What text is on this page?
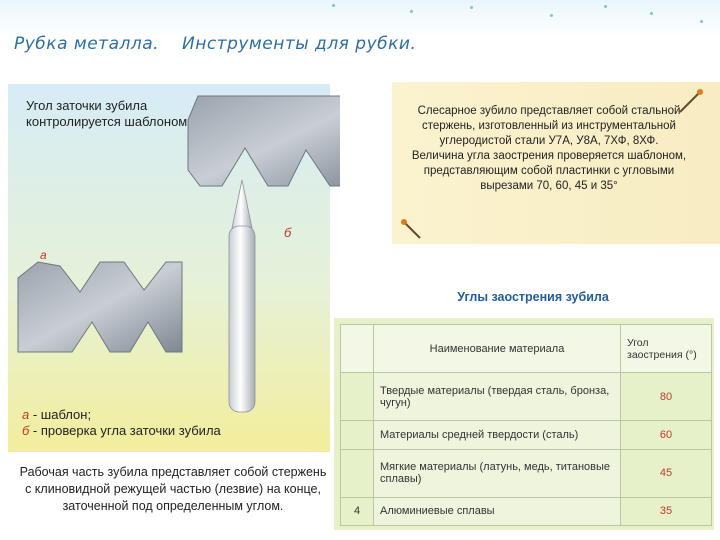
Рубка металла. Инструменты для рубки.
Угол заточки зубила контролируется шаблоном
а
б
а - шаблон;
б - проверка угла заточки зубила
Рабочая часть зубила представляет собой стержень с клиновидной режущей частью (лезвие) на конце, заточенной под определенным углом.
Слесарное зубило представляет собой стальной стержень, изготовленный из инструментальной углеродистой стали У7А, У8А, 7ХФ, 8ХФ.
Величина угла заострения проверяется шаблоном, представляющим собой пластинки с угловыми вырезами 70, 60, 45 и 35°
Углы заострения зубила
	Наименование материала	Угол заострения (°)
	Твердые материалы (твердая сталь, бронза, чугун)	80
	Материалы средней твердости (сталь)	60
	Мягкие материалы (латунь, медь, титановые сплавы)	45
4	Алюминиевые сплавы	35
